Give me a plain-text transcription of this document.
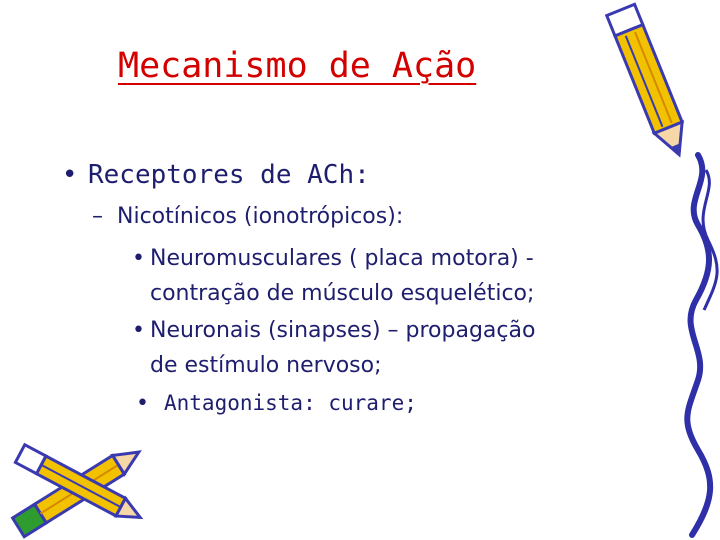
Mecanismo de Ação
• Receptores de ACh:
– Nicotínicos (ionotrópicos):
• Neuromusculares ( placa motora) -
contração de músculo esquelético;
• Neuronais (sinapses) – propagação
de estímulo nervoso;
• Antagonista: curare;
